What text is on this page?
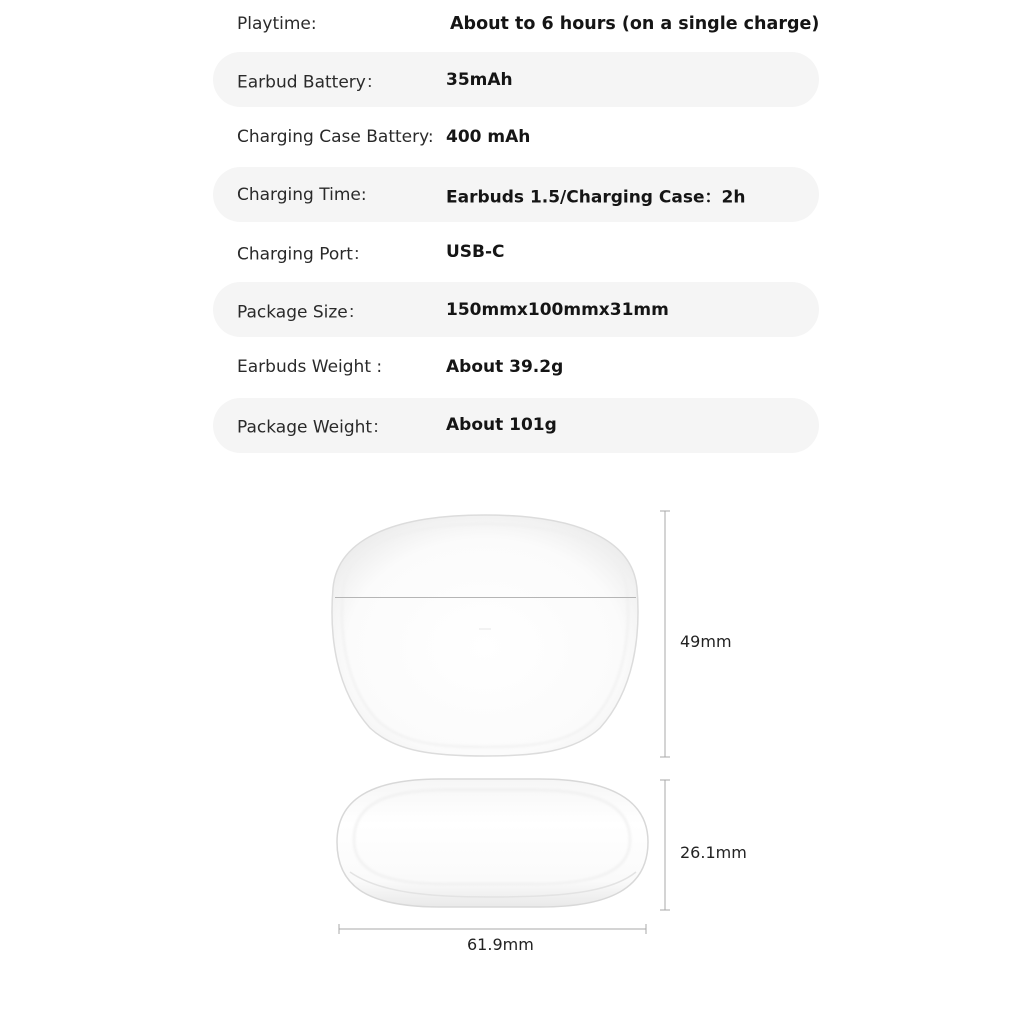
Playtime:	About to 6 hours (on a single charge)
Earbud Battery：	35mAh
Charging Case Battery: 400 mAh
Charging Time:	Earbuds 1.5/Charging Case：2h
Charging Port：	USB-C
Package Size：	150mmx100mmx31mm
Earbuds Weight :	About 39.2g
Package Weight：	About 101g
49mm
26.1mm
61.9mm
